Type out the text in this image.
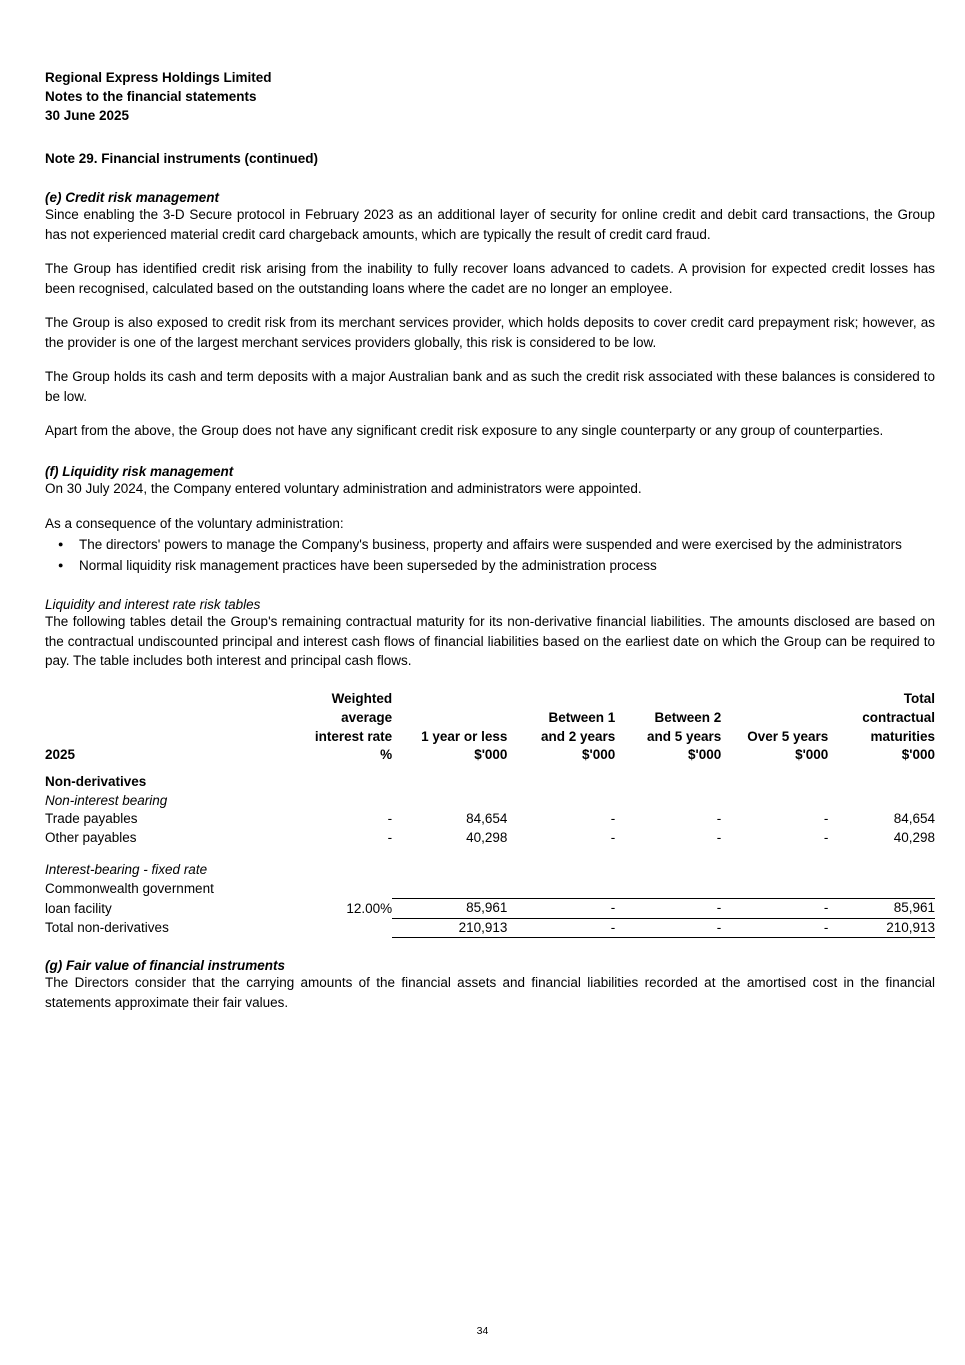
Regional Express Holdings Limited
Notes to the financial statements
30 June 2025
Note 29. Financial instruments (continued)
(e) Credit risk management

Since enabling the 3-D Secure protocol in February 2023 as an additional layer of security for online credit and debit card transactions, the Group has not experienced material credit card chargeback amounts, which are typically the result of credit card fraud.

The Group has identified credit risk arising from the inability to fully recover loans advanced to cadets. A provision for expected credit losses has been recognised, calculated based on the outstanding loans where the cadet are no longer an employee.

The Group is also exposed to credit risk from its merchant services provider, which holds deposits to cover credit card prepayment risk; however, as the provider is one of the largest merchant services providers globally, this risk is considered to be low.

The Group holds its cash and term deposits with a major Australian bank and as such the credit risk associated with these balances is considered to be low.

Apart from the above, the Group does not have any significant credit risk exposure to any single counterparty or any group of counterparties.

(f) Liquidity risk management

On 30 July 2024, the Company entered voluntary administration and administrators were appointed.

As a consequence of the voluntary administration:

● The directors' powers to manage the Company's business, property and affairs were suspended and were exercised by the administrators
● Normal liquidity risk management practices have been superseded by the administration process
Liquidity and interest rate risk tables

The following tables detail the Group's remaining contractual maturity for its non-derivative financial liabilities. The amounts disclosed are based on the contractual undiscounted principal and interest cash flows of financial liabilities based on the earliest date on which the Group can be required to pay. The table includes both interest and principal cash flows.

	Weighted					Total
	average		Between 1	Between 2		contractual
	interest rate	1 year or less	and 2 years	and 5 years	Over 5 years	maturities
2025	%	$'000	$'000	$'000	$'000	$'000

Non-derivatives						
Non-interest bearing						
Trade payables	-	84,654	-	-	-	84,654
Other payables	-	40,298	-	-	-	40,298

Interest-bearing - fixed rate						
Commonwealth government						
loan facility	12.00%	85,961	-	-	-	85,961
Total non-derivatives		210,913	-	-	-	210,913
(g) Fair value of financial instruments

The Directors consider that the carrying amounts of the financial assets and financial liabilities recorded at the amortised cost in the financial statements approximate their fair values.

34
